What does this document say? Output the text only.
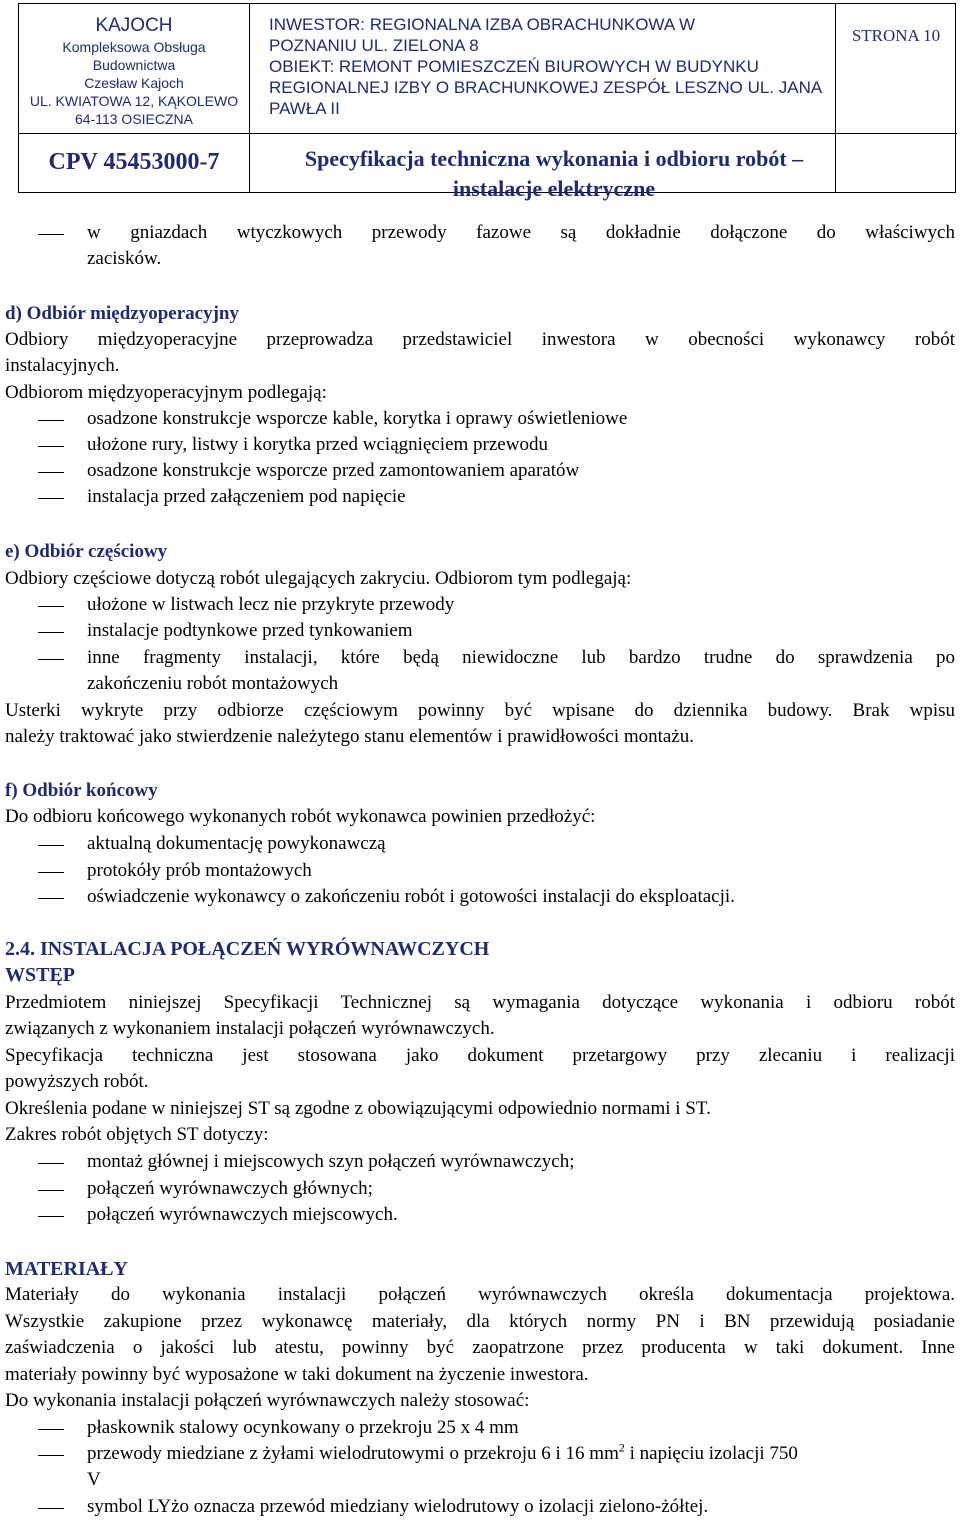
KAJOCH
Kompleksowa Obsługa
Budownictwa
Czesław Kajoch
UL. KWIATOWA 12, KĄKOLEWO
64-113 OSIECZNA
INWESTOR: REGIONALNA IZBA OBRACHUNKOWA W
POZNANIU UL. ZIELONA 8
OBIEKT: REMONT POMIESZCZEŃ BIUROWYCH W BUDYNKU
REGIONALNEJ IZBY O BRACHUNKOWEJ ZESPÓŁ LESZNO UL. JANA
PAWŁA II
STRONA 10
CPV 45453000-7	Specyfikacja techniczna wykonania i odbioru robót –
instalacje elektryczne
w gniazdach wtyczkowych przewody fazowe są dokładnie dołączone do właściwych
zacisków.
d) Odbiór międzyoperacyjny
Odbiory międzyoperacyjne przeprowadza przedstawiciel inwestora w obecności wykonawcy robót
instalacyjnych.
Odbiorom międzyoperacyjnym podlegają:
osadzone konstrukcje wsporcze kable, korytka i oprawy oświetleniowe
ułożone rury, listwy i korytka przed wciągnięciem przewodu
osadzone konstrukcje wsporcze przed zamontowaniem aparatów
instalacja przed załączeniem pod napięcie
e) Odbiór częściowy
Odbiory częściowe dotyczą robót ulegających zakryciu. Odbiorom tym podlegają:
ułożone w listwach lecz nie przykryte przewody
instalacje podtynkowe przed tynkowaniem
inne fragmenty instalacji, które będą niewidoczne lub bardzo trudne do sprawdzenia po
zakończeniu robót montażowych
Usterki wykryte przy odbiorze częściowym powinny być wpisane do dziennika budowy. Brak wpisu
należy traktować jako stwierdzenie należytego stanu elementów i prawidłowości montażu.
f) Odbiór końcowy
Do odbioru końcowego wykonanych robót wykonawca powinien przedłożyć:
aktualną dokumentację powykonawczą
protokóły prób montażowych
oświadczenie wykonawcy o zakończeniu robót i gotowości instalacji do eksploatacji.
2.4. INSTALACJA POŁĄCZEŃ WYRÓWNAWCZYCH
WSTĘP
Przedmiotem niniejszej Specyfikacji Technicznej są wymagania dotyczące wykonania i odbioru robót
związanych z wykonaniem instalacji połączeń wyrównawczych.
Specyfikacja techniczna jest stosowana jako dokument przetargowy przy zlecaniu i realizacji
powyższych robót.
Określenia podane w niniejszej ST są zgodne z obowiązującymi odpowiednio normami i ST.
Zakres robót objętych ST dotyczy:
montaż głównej i miejscowych szyn połączeń wyrównawczych;
połączeń wyrównawczych głównych;
połączeń wyrównawczych miejscowych.
MATERIAŁY
Materiały do wykonania instalacji połączeń wyrównawczych określa dokumentacja projektowa.
Wszystkie zakupione przez wykonawcę materiały, dla których normy PN i BN przewidują posiadanie
zaświadczenia o jakości lub atestu, powinny być zaopatrzone przez producenta w taki dokument. Inne
materiały powinny być wyposażone w taki dokument na życzenie inwestora.
Do wykonania instalacji połączeń wyrównawczych należy stosować:
płaskownik stalowy ocynkowany o przekroju 25 x 4 mm
przewody miedziane z żyłami wielodrutowymi o przekroju 6 i 16 $mm^2$ i napięciu izolacji 750
V
symbol LYżo oznacza przewód miedziany wielodrutowy o izolacji zielono-żółtej.
